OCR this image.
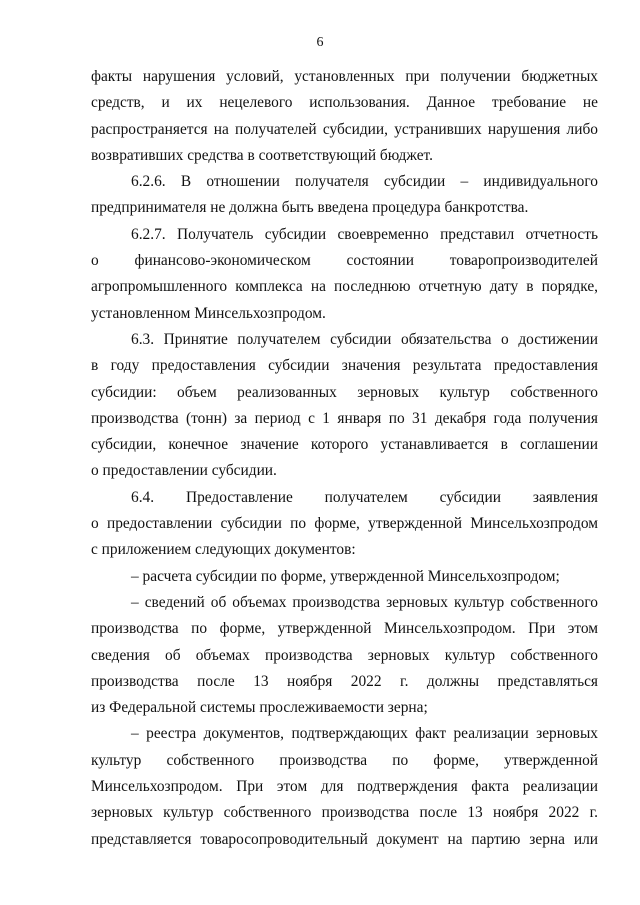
6
факты нарушения условий, установленных при получении бюджетных
средств, и их нецелевого использования. Данное требование не
распространяется на получателей субсидии, устранивших нарушения либо
возвративших средства в соответствующий бюджет.
6.2.6. В отношении получателя субсидии – индивидуального
предпринимателя не должна быть введена процедура банкротства.
6.2.7. Получатель субсидии своевременно представил отчетность
о финансово-экономическом состоянии товаропроизводителей
агропромышленного комплекса на последнюю отчетную дату в порядке,
установленном Минсельхозпродом.
6.3. Принятие получателем субсидии обязательства о достижении
в году предоставления субсидии значения результата предоставления
субсидии: объем реализованных зерновых культур собственного
производства (тонн) за период с 1 января по 31 декабря года получения
субсидии, конечное значение которого устанавливается в соглашении
о предоставлении субсидии.
6.4. Предоставление получателем субсидии заявления
о предоставлении субсидии по форме, утвержденной Минсельхозпродом
с приложением следующих документов:
– расчета субсидии по форме, утвержденной Минсельхозпродом;
– сведений об объемах производства зерновых культур собственного
производства по форме, утвержденной Минсельхозпродом. При этом
сведения об объемах производства зерновых культур собственного
производства после 13 ноября 2022 г. должны представляться
из Федеральной системы прослеживаемости зерна;
– реестра документов, подтверждающих факт реализации зерновых
культур собственного производства по форме, утвержденной
Минсельхозпродом. При этом для подтверждения факта реализации
зерновых культур собственного производства после 13 ноября 2022 г.
представляется товаросопроводительный документ на партию зерна или
